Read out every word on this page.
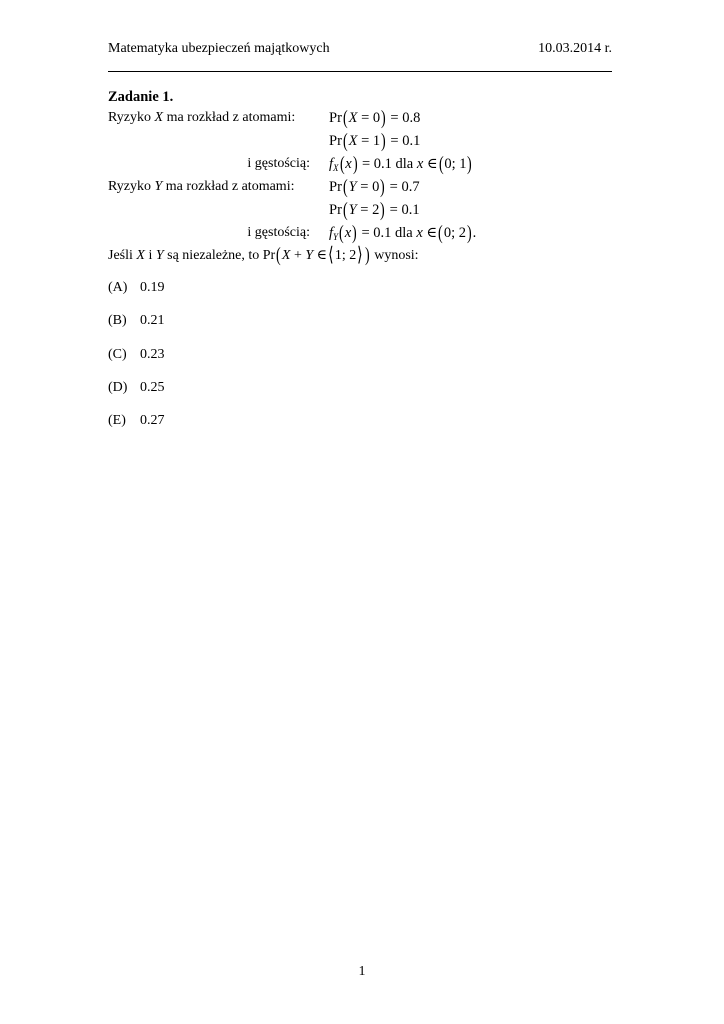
Matematyka ubezpieczeń majątkowych	10.03.2014 r.
Zadanie 1.
Ryzyko X ma rozkład z atomami:	Pr(X = 0) = 0.8
Pr(X = 1) = 0.1
i gęstością: $f_X(x) = 0.1$ dla x ∈(0; 1)
Ryzyko Y ma rozkład z atomami:	Pr(Y = 0) = 0.7
Pr(Y = 2) = 0.1
i gęstością: $f_Y(x) = 0.1$ dla x ∈(0; 2).
Jeśli X i Y są niezależne, to Pr(X + Y ∈⟨1; 2⟩ ) wynosi:
(A) 0.19
(B) 0.21
(C) 0.23
(D) 0.25
(E) 0.27
1
